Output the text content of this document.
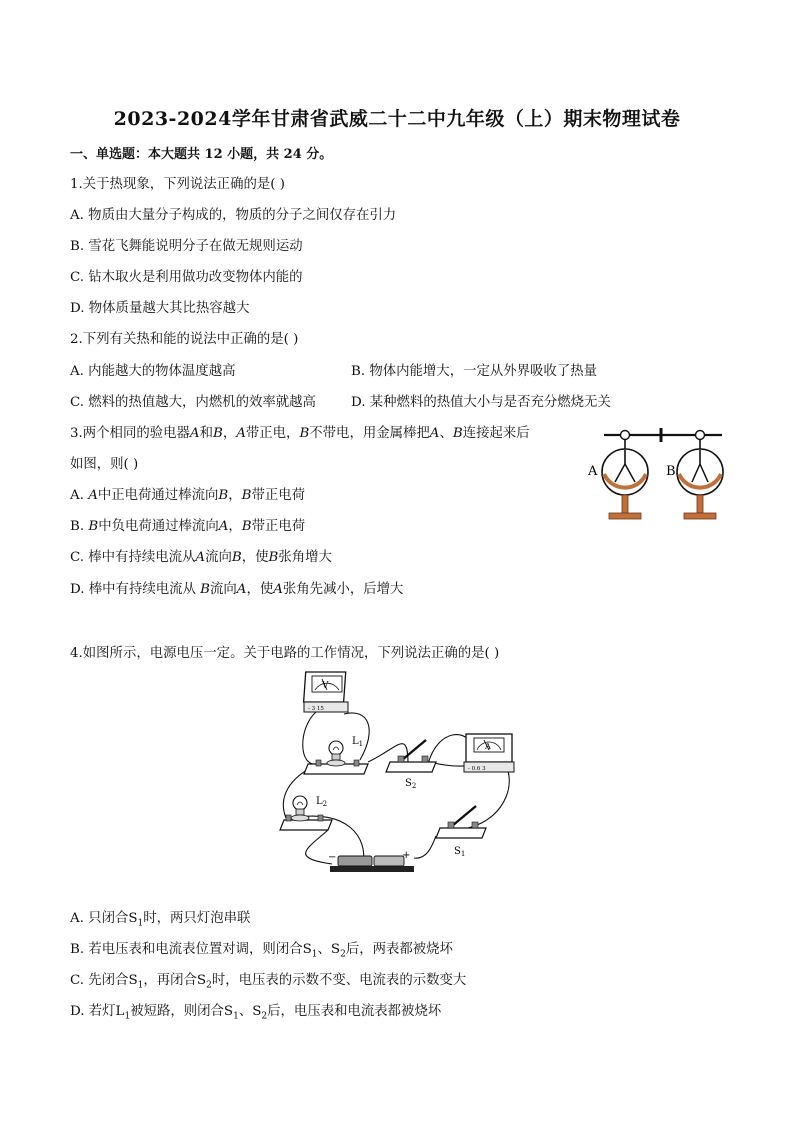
2023-2024学年甘肃省武威二十二中九年级（上）期末物理试卷
一、单选题：本大题共 12 小题，共 24 分。
1.关于热现象，下列说法正确的是( )
A. 物质由大量分子构成的，物质的分子之间仅存在引力
B. 雪花飞舞能说明分子在做无规则运动
C. 钻木取火是利用做功改变物体内能的
D. 物体质量越大其比热容越大
2.下列有关热和能的说法中正确的是( )
A. 内能越大的物体温度越高	B. 物体内能增大，一定从外界吸收了热量
C. 燃料的热值越大，内燃机的效率就越高	D. 某种燃料的热值大小与是否充分燃烧无关
3.两个相同的验电器A和B，A带正电，B不带电，用金属棒把A、B连接起来后
如图，则( )
A. A中正电荷通过棒流向B，B带正电荷
B. B中负电荷通过棒流向A，B带正电荷
C. 棒中有持续电流从A流向B，使B张角增大
D. 棒中有持续电流从 B流向A，使A张角先减小，后增大
A	B
4.如图所示，电源电压一定。关于电路的工作情况，下列说法正确的是( )
V
- 3 15
$L_1$
$S_2$
A
- 0.6 3
$L_2$
$S_1$
−	+
A. 只闭合$S_1$时，两只灯泡串联
B. 若电压表和电流表位置对调，则闭合$S_1$、$S_2$后，两表都被烧坏
C. 先闭合$S_1$，再闭合$S_2$时，电压表的示数不变、电流表的示数变大
D. 若灯$L_1$被短路，则闭合$S_1$、$S_2$后，电压表和电流表都被烧坏
